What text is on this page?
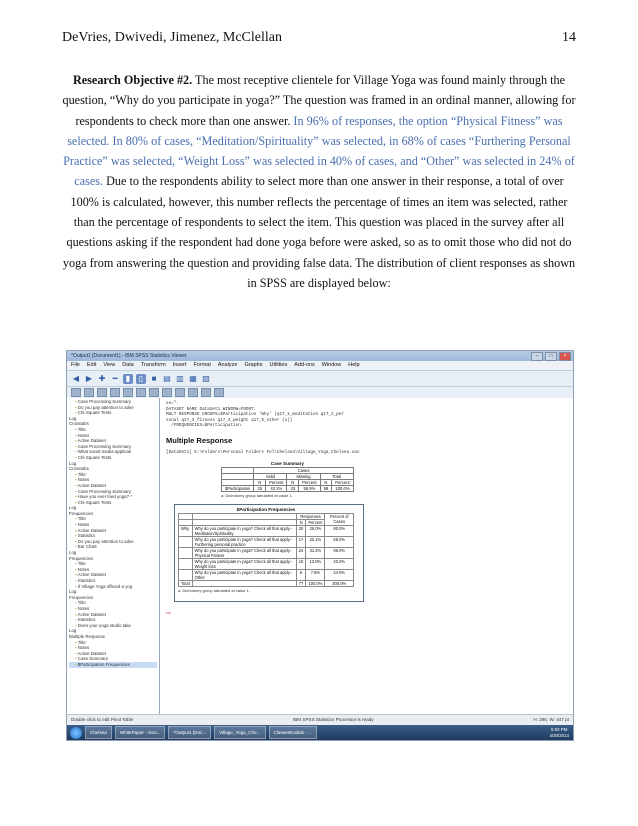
DeVries, Dwivedi, Jimenez, McClellan	14
Research Objective #2. The most receptive clientele for Village Yoga was found mainly through the question, “Why do you participate in yoga?” The question was framed in an ordinal manner, allowing for respondents to check more than one answer. In 96% of responses, the option “Physical Fitness” was selected. In 80% of cases, “Meditation/Spirituality” was selected, in 68% of cases “Furthering Personal Practice” was selected, “Weight Loss” was selected in 40% of cases, and “Other” was selected in 24% of cases. Due to the respondents ability to select more than one answer in their response, a total of over 100% is calculated, however, this number reflects the percentage of times an item was selected, rather than the percentage of respondents to select the item. This question was placed in the survey after all questions asking if the respondent had done yoga before were asked, so as to omit those who did not do yoga from answering the question and providing false data. The distribution of client responses as shown in SPSS are displayed below:
*Output1 [Document1] - IBM SPSS Statistics Viewer	–	□	×
File Edit View Data Transform Insert Format Analyze Graphs Utilities Add-ons Window Help
◀ ▶ ✚ ━	▮	▯	■ ▤ ▥ ▦ ▧
▪ Case Processing Summary
▪ Do you pay attention to adve
▪ Chi-Square Tests
Log
Crosstabs
▪ Title
▪ Notes
▪ Active Dataset
▪ Case Processing Summary
▪ What social media applicati
▪ Chi-Square Tests
Log
Crosstabs
▪ Title
▪ Notes
▪ Active Dataset
▪ Case Processing Summary
▪ Have you ever tried yoga? *
▪ Chi-Square Tests
Log
Frequencies
▪ Title
▪ Notes
▪ Active Dataset
▪ Statistics
▪ Do you pay attention to adve
▪ Bar Chart
Log
Frequencies
▪ Title
▪ Notes
▪ Active Dataset
▪ Statistics
▪ If Village Yoga offered a yog
Log
Frequencies
▪ Title
▪ Notes
▪ Active Dataset
▪ Statistics
▪ Does your yoga studio take
Log
Multiple Response
▪ Title
▪ Notes
▪ Active Dataset
▪ Case Summary
▪ $Participation Frequencies
se=".
DATASET NAME DataSet1 WINDOW=FRONT.
MULT RESPONSE GROUPS=$Participation 'Why' (q17_1_meditation q17_2_per
sonal q17_3_fitness q17_4_weight q17_5_other (1))
/FREQUENCIES=$Participation.
Multiple Response
[DataSet1] E:\Folders\Personal Folders Fel\Chelsea\Village_Yoga_Chelsea.sav
Case Summary
	Cases					
	Valid		Missing		Total	
	N	Percent	N	Percent	N	Percent
$Participation	25	43.1%	33	56.9%	58	100.0%
a. Dichotomy group tabulated at value 1.
$Participation Frequencies
		Responses		Percent of Cases
		N	Percent	
Why	Why do you participate in yoga? Check all that apply.- Meditation/Spirituality	20	26.0%	80.0%
	Why do you participate in yoga? Check all that apply.- Furthering personal practice	17	22.1%	68.0%
	Why do you participate in yoga? Check all that apply.- Physical Fitness	24	31.2%	96.0%
	Why do you participate in yoga? Check all that apply.- Weight loss	10	13.0%	40.0%
	Why do you participate in yoga? Check all that apply.- Other	6	7.8%	24.0%
Total		77	100.0%	308.0%
a. Dichotomy group tabulated at value 1.
⇨
Double click to edit Pivot Table	IBM SPSS Statistics Processor is ready	H: 395, W: 447 pt
Chelsea	WhitePaper - Goo...	*Output1 [Doc...	Village_Yoga_Che...	ClassesKodiak - ...
5:02 PM
4/30/2014
